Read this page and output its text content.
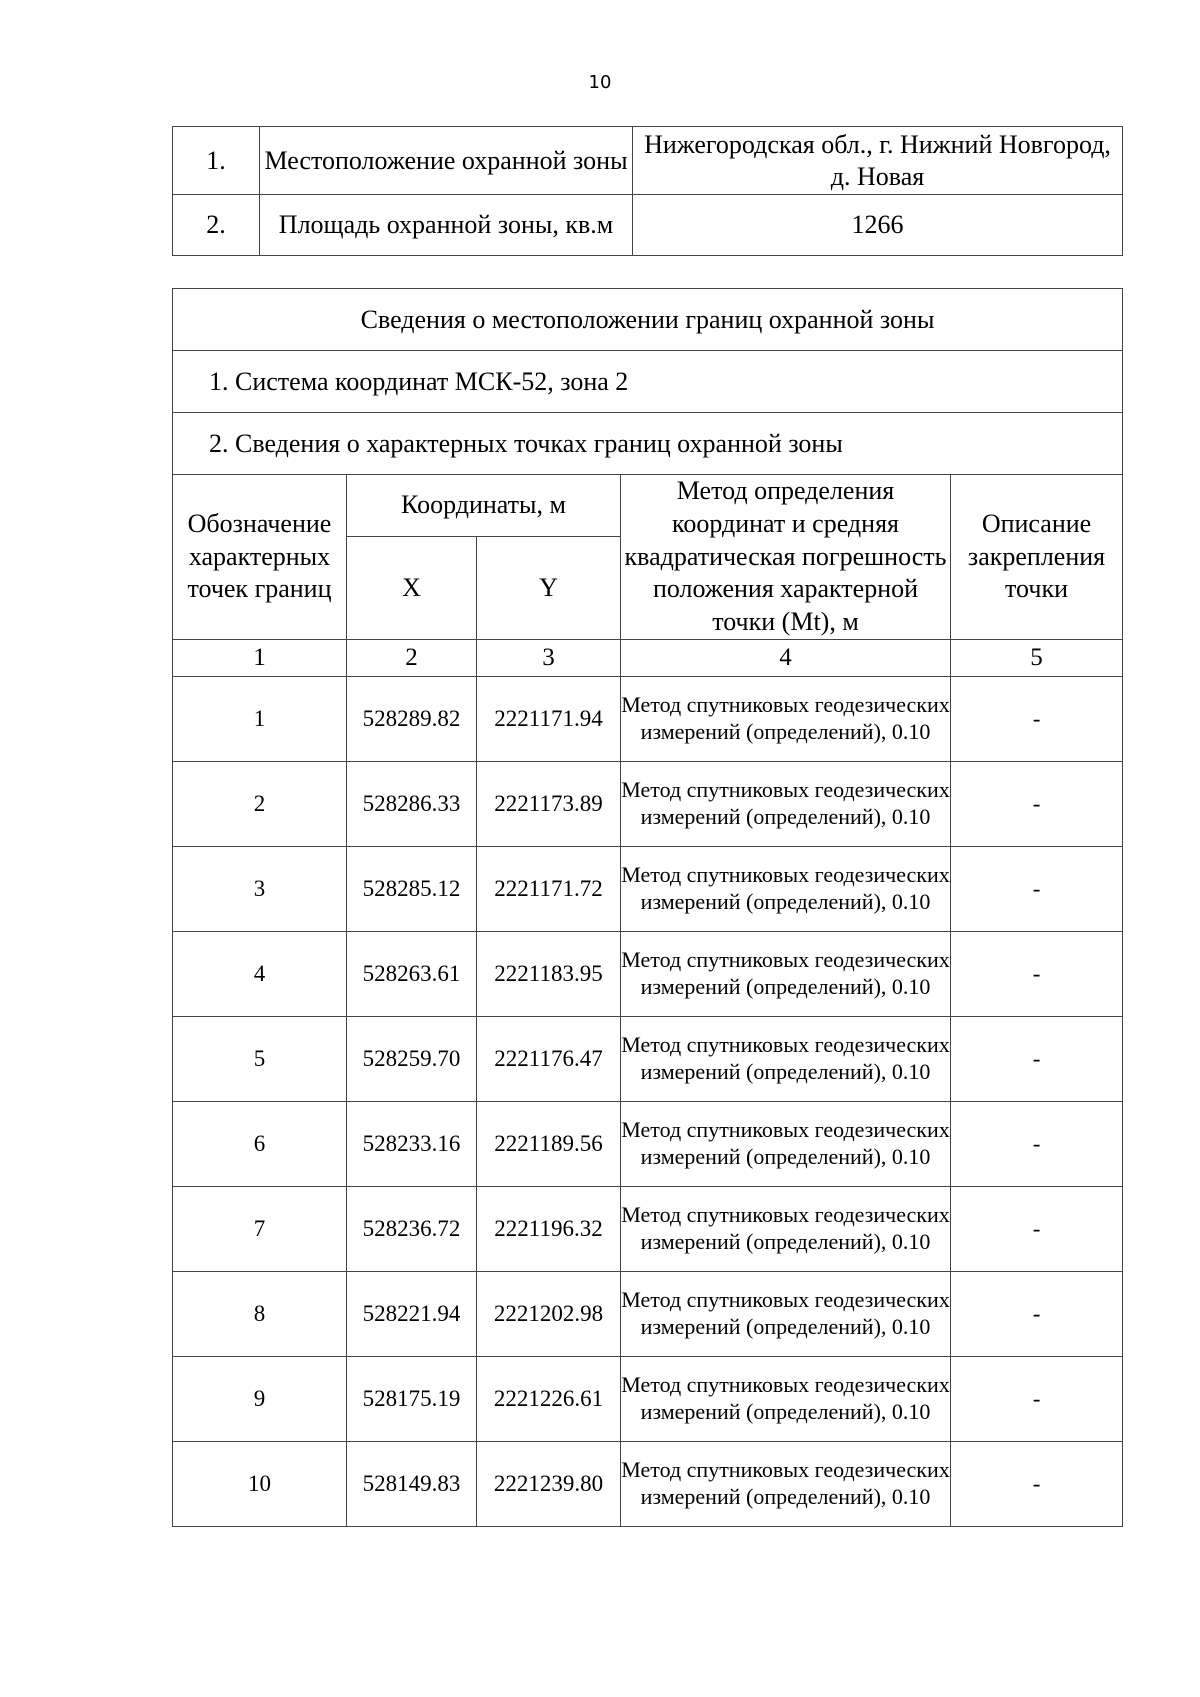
10
1.	Местоположение охранной зоны	Нижегородская обл., г. Нижний Новгород, д. Новая
2.	Площадь охранной зоны, кв.м	1266
Сведения о местоположении границ охранной зоны				
1. Система координат МСК-52, зона 2				
2. Сведения о характерных точках границ охранной зоны				
Обозначение характерных точек границ	Координаты, м		Метод определения координат и средняя квадратическая погрешность положения характерной точки (Mt), м	Описание закрепления точки
	X	Y		
1	2	3	4	5
1	528289.82	2221171.94	Метод спутниковых геодезических измерений (определений), 0.10	-
2	528286.33	2221173.89	Метод спутниковых геодезических измерений (определений), 0.10	-
3	528285.12	2221171.72	Метод спутниковых геодезических измерений (определений), 0.10	-
4	528263.61	2221183.95	Метод спутниковых геодезических измерений (определений), 0.10	-
5	528259.70	2221176.47	Метод спутниковых геодезических измерений (определений), 0.10	-
6	528233.16	2221189.56	Метод спутниковых геодезических измерений (определений), 0.10	-
7	528236.72	2221196.32	Метод спутниковых геодезических измерений (определений), 0.10	-
8	528221.94	2221202.98	Метод спутниковых геодезических измерений (определений), 0.10	-
9	528175.19	2221226.61	Метод спутниковых геодезических измерений (определений), 0.10	-
10	528149.83	2221239.80	Метод спутниковых геодезических измерений (определений), 0.10	-
